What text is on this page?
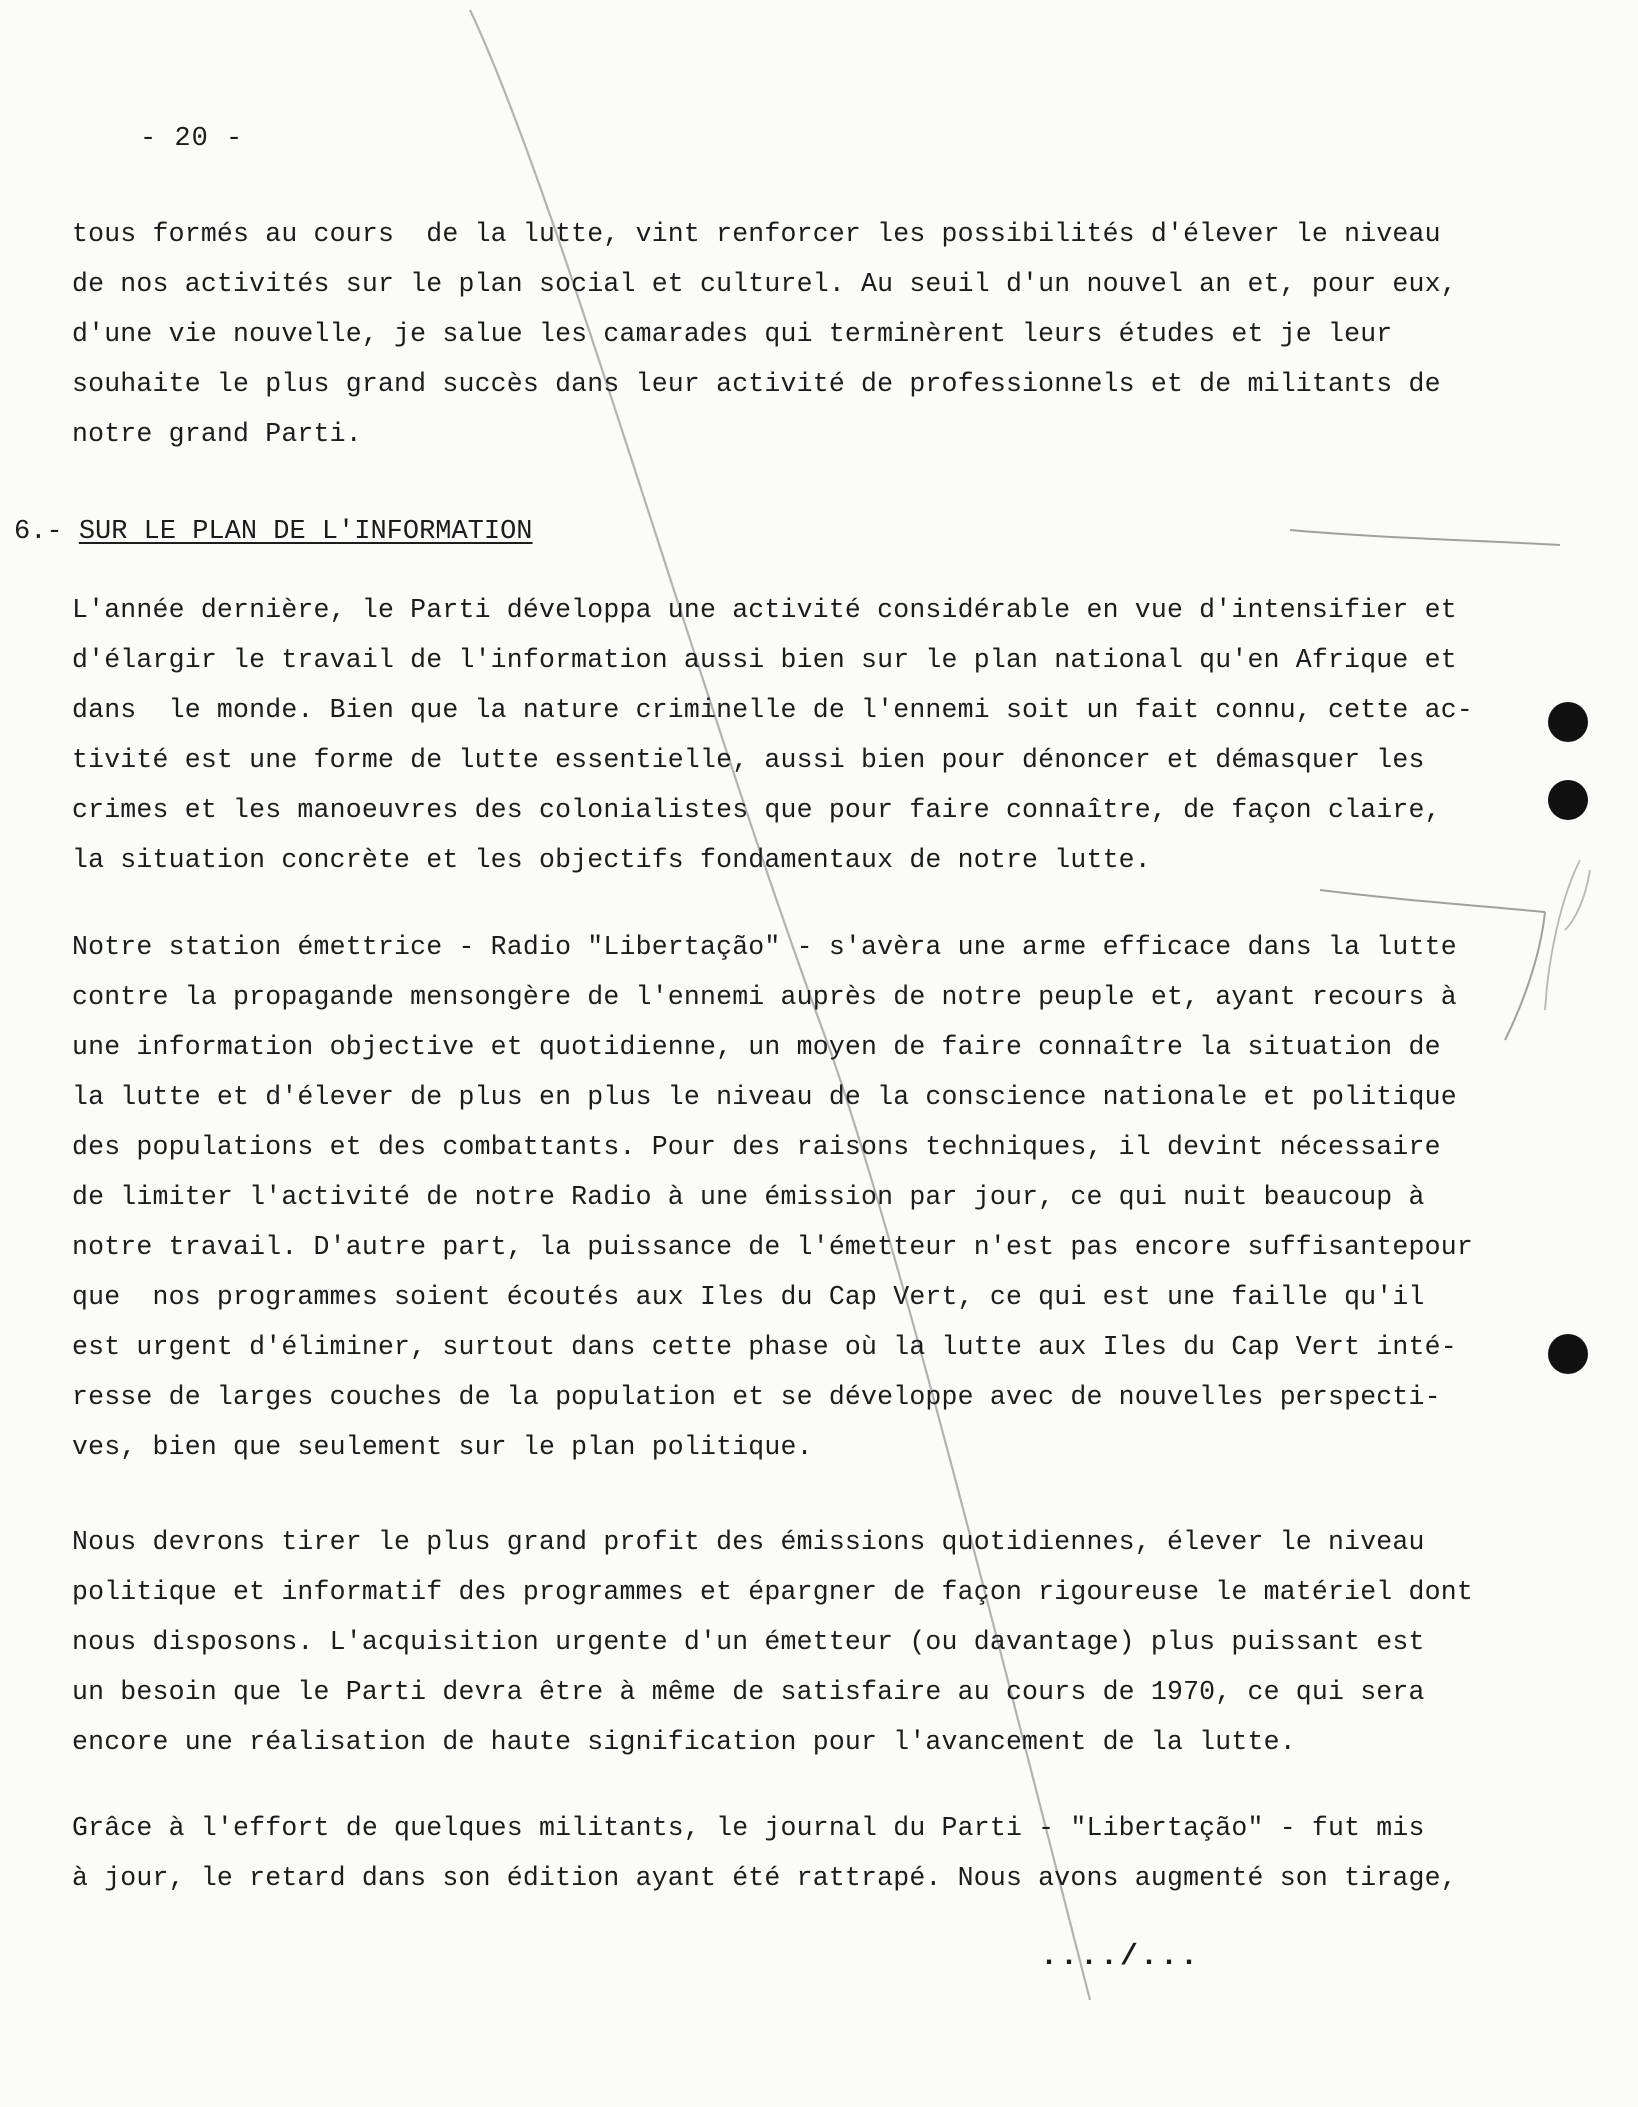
- 20 -
tous formés au cours  de la lutte, vint renforcer les possibilités d'élever le niveau
de nos activités sur le plan social et culturel. Au seuil d'un nouvel an et, pour eux,
d'une vie nouvelle, je salue les camarades qui terminèrent leurs études et je leur
souhaite le plus grand succès dans leur activité de professionnels et de militants de
notre grand Parti.
6.- SUR LE PLAN DE L'INFORMATION
L'année dernière, le Parti développa une activité considérable en vue d'intensifier et
d'élargir le travail de l'information aussi bien sur le plan national qu'en Afrique et
dans  le monde. Bien que la nature criminelle de l'ennemi soit un fait connu, cette ac-
tivité est une forme de lutte essentielle, aussi bien pour dénoncer et démasquer les
crimes et les manoeuvres des colonialistes que pour faire connaître, de façon claire,
la situation concrète et les objectifs fondamentaux de notre lutte.
Notre station émettrice - Radio "Libertação" - s'avèra une arme efficace dans la lutte
contre la propagande mensongère de l'ennemi auprès de notre peuple et, ayant recours à
une information objective et quotidienne, un moyen de faire connaître la situation de
la lutte et d'élever de plus en plus le niveau de la conscience nationale et politique
des populations et des combattants. Pour des raisons techniques, il devint nécessaire
de limiter l'activité de notre Radio à une émission par jour, ce qui nuit beaucoup à
notre travail. D'autre part, la puissance de l'émetteur n'est pas encore suffisantepour
que  nos programmes soient écoutés aux Iles du Cap Vert, ce qui est une faille qu'il
est urgent d'éliminer, surtout dans cette phase où la lutte aux Iles du Cap Vert inté-
resse de larges couches de la population et se développe avec de nouvelles perspecti-
ves, bien que seulement sur le plan politique.
Nous devrons tirer le plus grand profit des émissions quotidiennes, élever le niveau
politique et informatif des programmes et épargner de façon rigoureuse le matériel dont
nous disposons. L'acquisition urgente d'un émetteur (ou davantage) plus puissant est
un besoin que le Parti devra être à même de satisfaire au cours de 1970, ce qui sera
encore une réalisation de haute signification pour l'avancement de la lutte.
Grâce à l'effort de quelques militants, le journal du Parti - "Libertação" - fut mis
à jour, le retard dans son édition ayant été rattrapé. Nous avons augmenté son tirage,
..../...
